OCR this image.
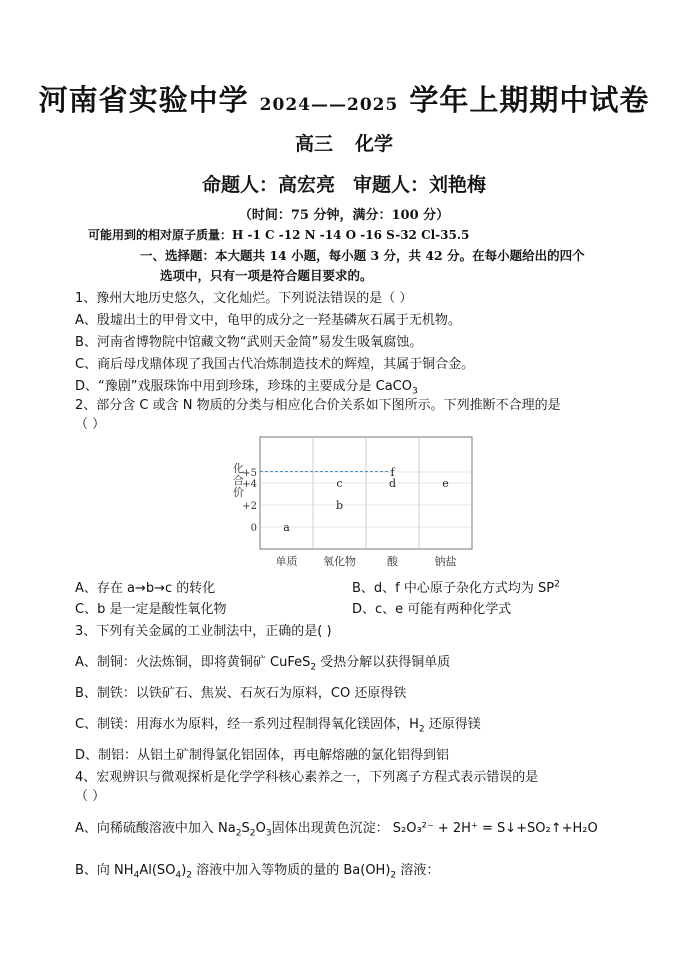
河南省实验中学 2024——2025 学年上期期中试卷
高三 化学
命题人：高宏亮 审题人：刘艳梅
（时间：75 分钟，满分：100 分）
可能用到的相对原子质量：H -1 C -12 N -14 O -16 S-32 Cl-35.5
一、选择题：本大题共 14 小题，每小题 3 分，共 42 分。在每小题给出的四个
选项中，只有一项是符合题目要求的。
1、豫州大地历史悠久，文化灿烂。下列说法错误的是（ ）
A、殷墟出土的甲骨文中，龟甲的成分之一羟基磷灰石属于无机物。
B、河南省博物院中馆藏文物“武则天金简”易发生吸氧腐蚀。
C、商后母戊鼎体现了我国古代冶炼制造技术的辉煌，其属于铜合金。
D、“豫剧”戏服珠饰中用到珍珠，珍珠的主要成分是 CaCO$_3$
2、部分含 C 或含 N 物质的分类与相应化合价关系如下图所示。下列推断不合理的是
（ ）
+5
+4
+2
0
单质 氧化物	酸	钠盐
a
b
c	d	e
f
化合价
A、存在 a→b→c 的转化	B、d、f 中心原子杂化方式均为 $SP^2$
C、b 是一定是酸性氧化物	D、c、e 可能有两种化学式
3、下列有关金属的工业制法中，正确的是( )
A、制铜：火法炼铜，即将黄铜矿 CuFeS$_2$ 受热分解以获得铜单质
B、制铁：以铁矿石、焦炭、石灰石为原料，CO 还原得铁
C、制镁：用海水为原料，经一系列过程制得氧化镁固体，$H_2$ 还原得镁
D、制铝：从铝土矿制得氯化铝固体，再电解熔融的氯化铝得到铝
4、宏观辨识与微观探析是化学学科核心素养之一，下列离子方程式表示错误的是
（ ）
A、向稀硫酸溶液中加入 $Na_2S_2O_3$固体出现黄色沉淀： S₂O₃²⁻ + 2H⁺ = S↓+SO₂↑+H₂O
B、向 $NH_4Al(SO_4)_2$ 溶液中加入等物质的量的 $Ba(OH)_2$ 溶液：
